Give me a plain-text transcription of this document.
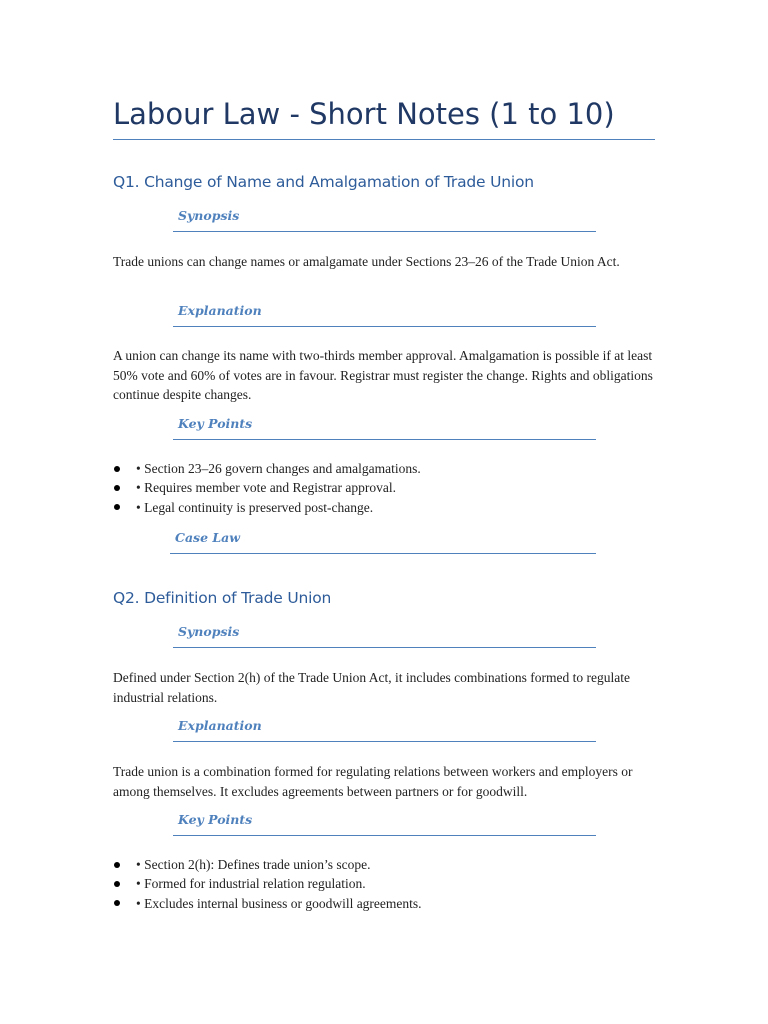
Labour Law - Short Notes (1 to 10)
Q1. Change of Name and Amalgamation of Trade Union
Synopsis

Trade unions can change names or amalgamate under Sections 23–26 of the Trade Union Act.

Explanation

A union can change its name with two-thirds member approval. Amalgamation is possible if at least 50% vote and 60% of votes are in favour. Registrar must register the change. Rights and obligations continue despite changes.

Key Points
• Section 23–26 govern changes and amalgamations.
• Requires member vote and Registrar approval.
• Legal continuity is preserved post-change.
Case Law
Q2. Definition of Trade Union
Synopsis

Defined under Section 2(h) of the Trade Union Act, it includes combinations formed to regulate industrial relations.

Explanation

Trade union is a combination formed for regulating relations between workers and employers or among themselves. It excludes agreements between partners or for goodwill.

Key Points
• Section 2(h): Defines trade union’s scope.
• Formed for industrial relation regulation.
• Excludes internal business or goodwill agreements.
